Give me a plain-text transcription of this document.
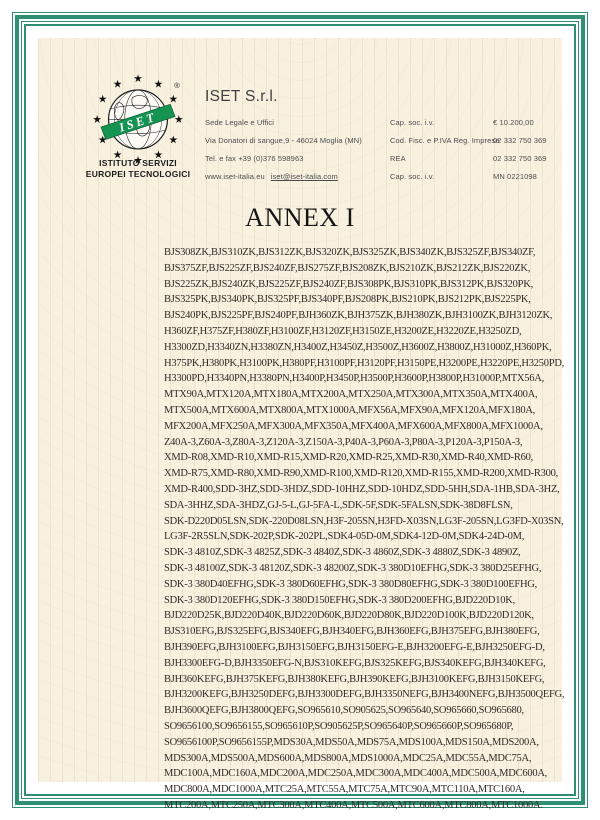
ISET
®
ISTITUTO SERVIZI
EUROPEI TECNOLOGICI
ISET S.r.l.
Sede Legale e Uffici
Via Donatori di sangue,9 - 46024 Moglia (MN)
Tel. e fax +39 (0)376 598963
www.iset-italia.eu iset@iset-italia.com
Cap. soc. i.v.
Cod. Fisc. e P.IVA Reg. Imprese
REA
Cap. soc. i.v.
€ 10.200,00
02 332 750 369
02 332 750 369
MN 0221098
ANNEX I
BJS308ZK,BJS310ZK,BJS312ZK,BJS320ZK,BJS325ZK,BJS340ZK,BJS325ZF,BJS340ZF,
BJS375ZF,BJS225ZF,BJS240ZF,BJS275ZF,BJS208ZK,BJS210ZK,BJS212ZK,BJS220ZK,
BJS225ZK,BJS240ZK,BJS225ZF,BJS240ZF,BJS308PK,BJS310PK,BJS312PK,BJS320PK,
BJS325PK,BJS340PK,BJS325PF,BJS340PF,BJS208PK,BJS210PK,BJS212PK,BJS225PK,
BJS240PK,BJS225PF,BJS240PF,BJH360ZK,BJH375ZK,BJH380ZK,BJH3100ZK,BJH3120ZK,
H360ZF,H375ZF,H380ZF,H3100ZF,H3120ZF,H3150ZE,H3200ZE,H3220ZE,H3250ZD,
H3300ZD,H3340ZN,H3380ZN,H3400Z,H3450Z,H3500Z,H3600Z,H3800Z,H31000Z,H360PK,
H375PK,H380PK,H3100PK,H380PF,H3100PF,H3120PF,H3150PE,H3200PE,H3220PE,H3250PD,
H3300PD,H3340PN,H3380PN,H3400P,H3450P,H3500P,H3600P,H3800P,H31000P,MTX56A,
MTX90A,MTX120A,MTX180A,MTX200A,MTX250A,MTX300A,MTX350A,MTX400A,
MTX500A,MTX600A,MTX800A,MTX1000A,MFX56A,MFX90A,MFX120A,MFX180A,
MFX200A,MFX250A,MFX300A,MFX350A,MFX400A,MFX600A,MFX800A,MFX1000A,
Z40A-3,Z60A-3,Z80A-3,Z120A-3,Z150A-3,P40A-3,P60A-3,P80A-3,P120A-3,P150A-3,
XMD-R08,XMD-R10,XMD-R15,XMD-R20,XMD-R25,XMD-R30,XMD-R40,XMD-R60,
XMD-R75,XMD-R80,XMD-R90,XMD-R100,XMD-R120,XMD-R155,XMD-R200,XMD-R300,
XMD-R400,SDD-3HZ,SDD-3HDZ,SDD-10HHZ,SDD-10HDZ,SDD-5HH,SDA-1HB,SDA-3HZ,
SDA-3HHZ,SDA-3HDZ,GJ-5-L,GJ-5FA-L,SDK-5F,SDK-5FALSN,SDK-38D8FLSN,
SDK-D220D05LSN,SDK-220D08LSN,H3F-205SN,H3FD-X03SN,LG3F-205SN,LG3FD-X03SN,
LG3F-2R5SLN,SDK-202P,SDK-202PL,SDK4-05D-0M,SDK4-12D-0M,SDK4-24D-0M,
SDK-3 4810Z,SDK-3 4825Z,SDK-3 4840Z,SDK-3 4860Z,SDK-3 4880Z,SDK-3 4890Z,
SDK-3 48100Z,SDK-3 48120Z,SDK-3 48200Z,SDK-3 380D10EFHG,SDK-3 380D25EFHG,
SDK-3 380D40EFHG,SDK-3 380D60EFHG,SDK-3 380D80EFHG,SDK-3 380D100EFHG,
SDK-3 380D120EFHG,SDK-3 380D150EFHG,SDK-3 380D200EFHG,BJD220D10K,
BJD220D25K,BJD220D40K,BJD220D60K,BJD220D80K,BJD220D100K,BJD220D120K,
BJS310EFG,BJS325EFG,BJS340EFG,BJH340EFG,BJH360EFG,BJH375EFG,BJH380EFG,
BJH390EFG,BJH3100EFG,BJH3150EFG,BJH3150EFG-E,BJH3200EFG-E,BJH3250EFG-D,
BJH3300EFG-D,BJH3350EFG-N,BJS310KEFG,BJS325KEFG,BJS340KEFG,BJH340KEFG,
BJH360KEFG,BJH375KEFG,BJH380KEFG,BJH390KEFG,BJH3100KEFG,BJH3150KEFG,
BJH3200KEFG,BJH3250DEFG,BJH3300DEFG,BJH3350NEFG,BJH3400NEFG,BJH3500QEFG,
BJH3600QEFG,BJH3800QEFG,SO965610,SO905625,SO965640,SO965660,SO965680,
SO9656100,SO9656155,SO965610P,SO905625P,SO965640P,SO965660P,SO965680P,
SO9656100P,SO9656155P,MDS30A,MDS50A,MDS75A,MDS100A,MDS150A,MDS200A,
MDS300A,MDS500A,MDS600A,MDS800A,MDS1000A,MDC25A,MDC55A,MDC75A,
MDC100A,MDC160A,MDC200A,MDC250A,MDC300A,MDC400A,MDC500A,MDC600A,
MDC800A,MDC1000A,MTC25A,MTC55A,MTC75A,MTC90A,MTC110A,MTC160A,
MTC200A,MTC250A,MTC300A,MTC400A,MTC500A,MTC600A,MTC800A,MTC1000A.
